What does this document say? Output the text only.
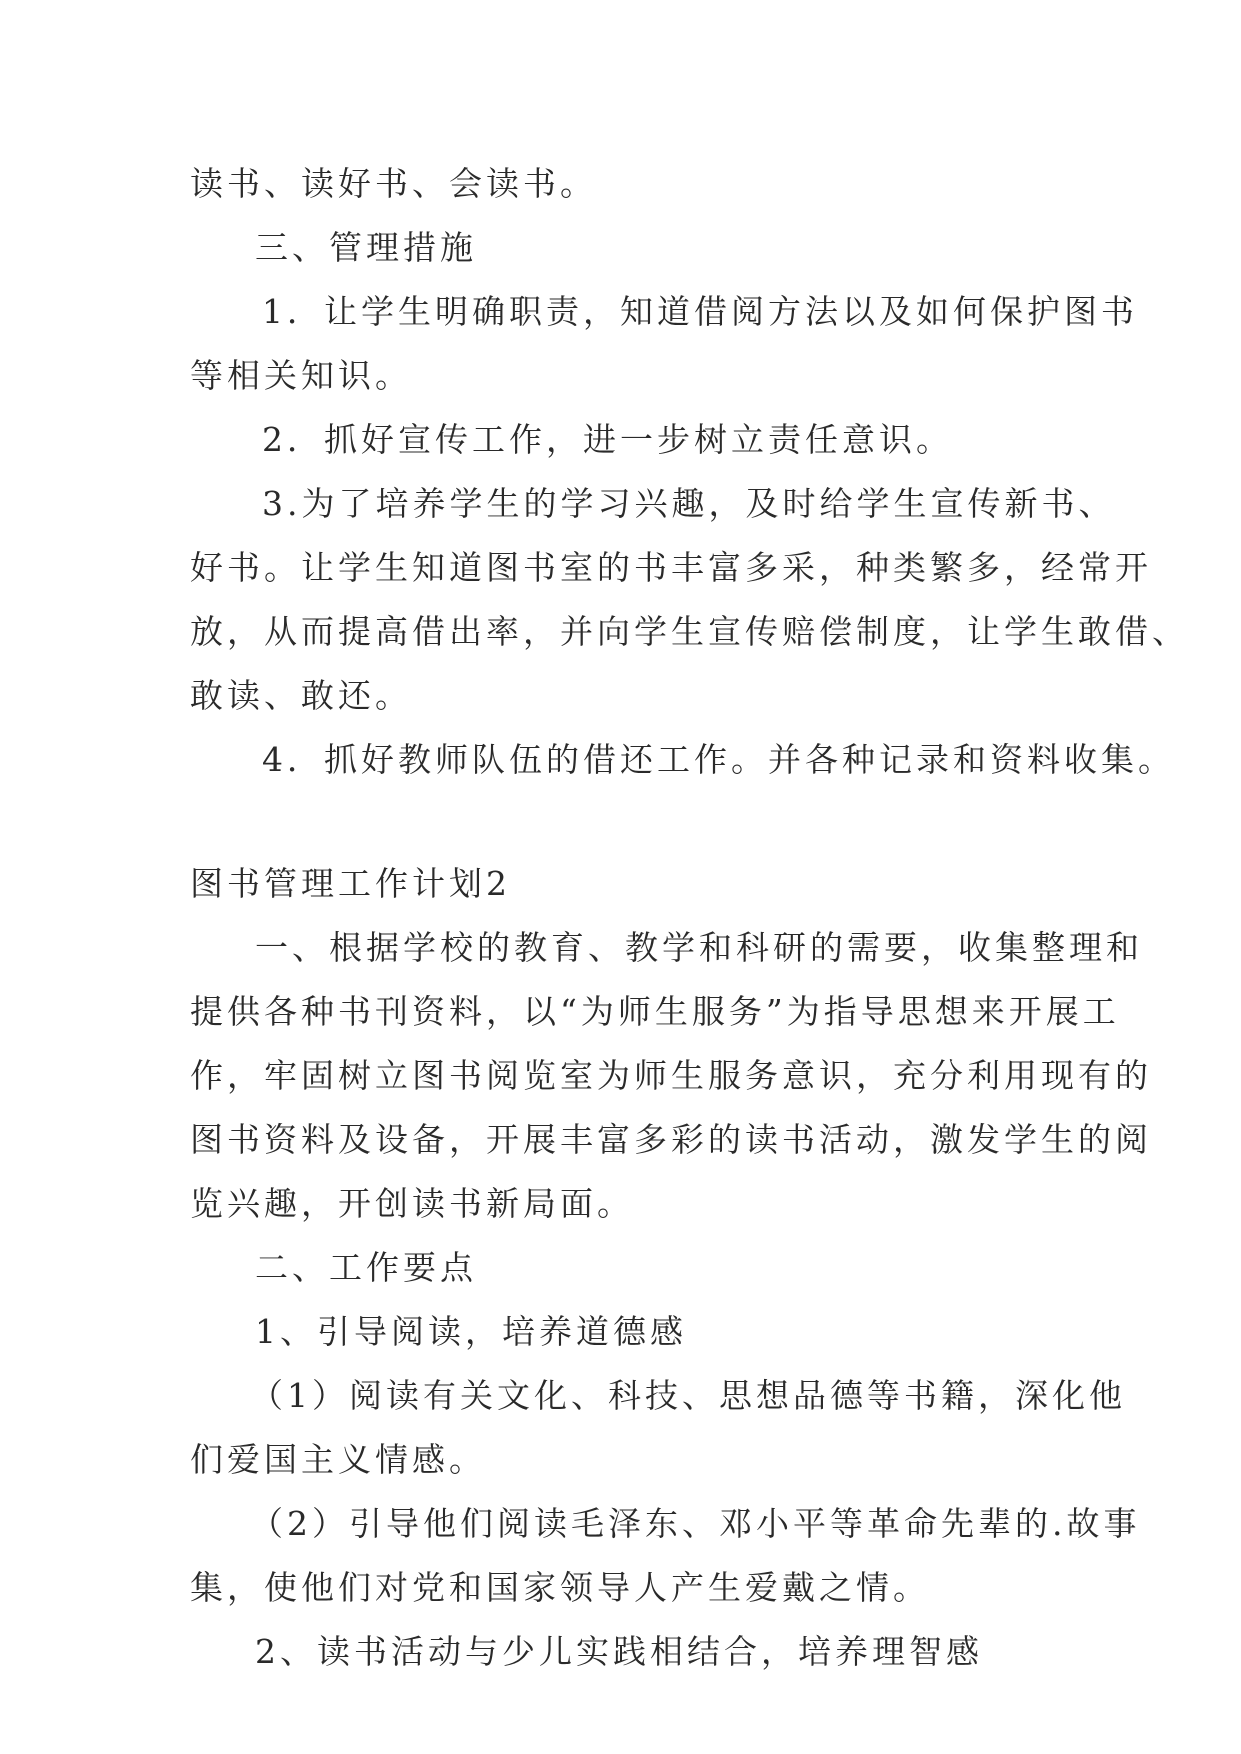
读书、读好书、会读书。
三、管理措施
1．让学生明确职责，知道借阅方法以及如何保护图书
等相关知识。
2．抓好宣传工作，进一步树立责任意识。
3.为了培养学生的学习兴趣，及时给学生宣传新书、
好书。让学生知道图书室的书丰富多采，种类繁多，经常开
放，从而提高借出率，并向学生宣传赔偿制度，让学生敢借、
敢读、敢还。
4．抓好教师队伍的借还工作。并各种记录和资料收集。
图书管理工作计划2
一、根据学校的教育、教学和科研的需要，收集整理和
提供各种书刊资料，以“为师生服务”为指导思想来开展工
作，牢固树立图书阅览室为师生服务意识，充分利用现有的
图书资料及设备，开展丰富多彩的读书活动，激发学生的阅
览兴趣，开创读书新局面。
二、工作要点
1、引导阅读，培养道德感
（1）阅读有关文化、科技、思想品德等书籍，深化他
们爱国主义情感。
（2）引导他们阅读毛泽东、邓小平等革命先辈的.故事
集，使他们对党和国家领导人产生爱戴之情。
2、读书活动与少儿实践相结合，培养理智感
